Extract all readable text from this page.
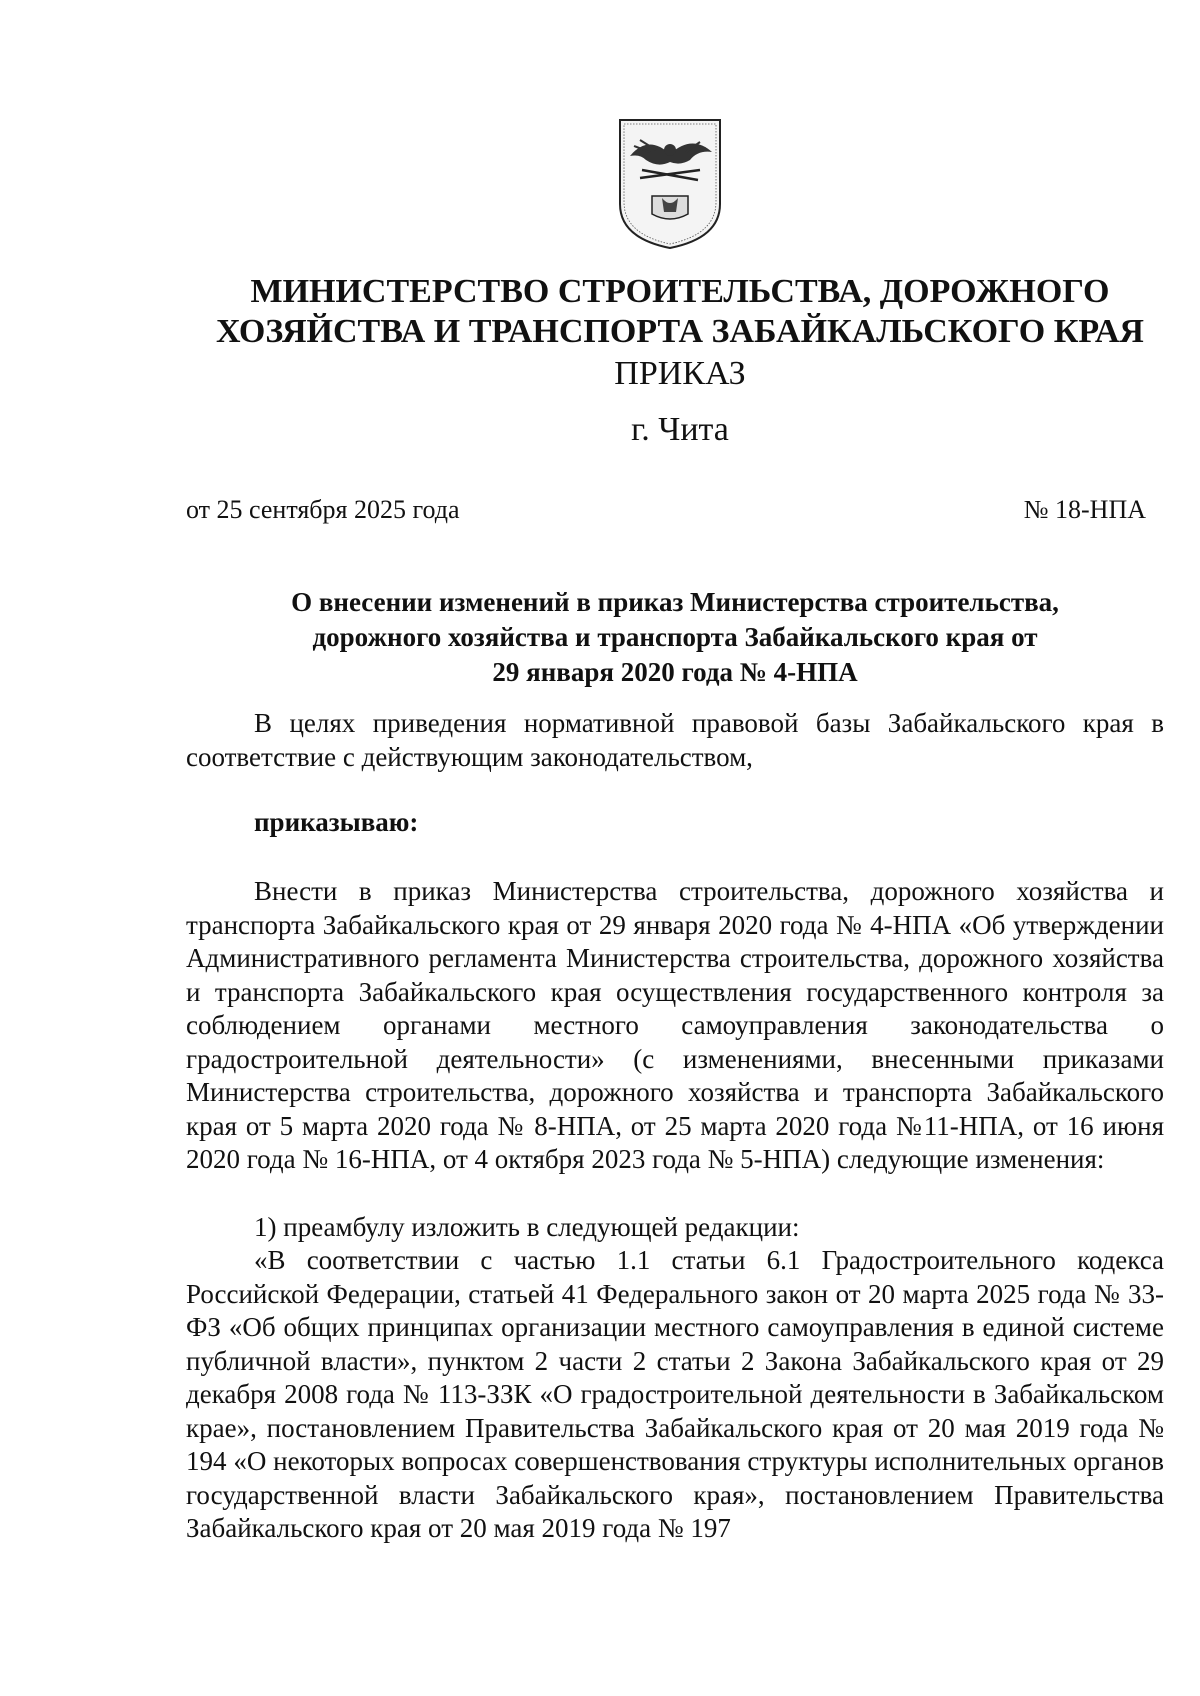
МИНИСТЕРСТВО СТРОИТЕЛЬСТВА, ДОРОЖНОГО
ХОЗЯЙСТВА И ТРАНСПОРТА ЗАБАЙКАЛЬСКОГО КРАЯ
ПРИКАЗ
г. Чита
от 25 сентября 2025 года	№ 18-НПА
О внесении изменений в приказ Министерства строительства,
дорожного хозяйства и транспорта Забайкальского края от
29 января 2020 года № 4-НПА
В целях приведения нормативной правовой базы Забайкальского края в соответствие с действующим законодательством,
приказываю:
Внести в приказ Министерства строительства, дорожного хозяйства и транспорта Забайкальского края от 29 января 2020 года № 4-НПА «Об утверждении Административного регламента Министерства строительства, дорожного хозяйства и транспорта Забайкальского края осуществления государственного контроля за соблюдением органами местного самоуправления законодательства о градостроительной деятельности» (с изменениями, внесенными приказами Министерства строительства, дорожного хозяйства и транспорта Забайкальского края от 5 марта 2020 года № 8-НПА, от 25 марта 2020 года №11-НПА, от 16 июня 2020 года № 16-НПА, от 4 октября 2023 года № 5-НПА) следующие изменения:
1) преамбулу изложить в следующей редакции:
«В соответствии с частью 1.1 статьи 6.1 Градостроительного кодекса Российской Федерации, статьей 41 Федерального закон от 20 марта 2025 года № 33-ФЗ «Об общих принципах организации местного самоуправления в единой системе публичной власти», пунктом 2 части 2 статьи 2 Закона Забайкальского края от 29 декабря 2008 года № 113-ЗЗК «О градостроительной деятельности в Забайкальском крае», постановлением Правительства Забайкальского края от 20 мая 2019 года № 194 «О некоторых вопросах совершенствования структуры исполнительных органов государственной власти Забайкальского края», постановлением Правительства Забайкальского края от 20 мая 2019 года № 197
